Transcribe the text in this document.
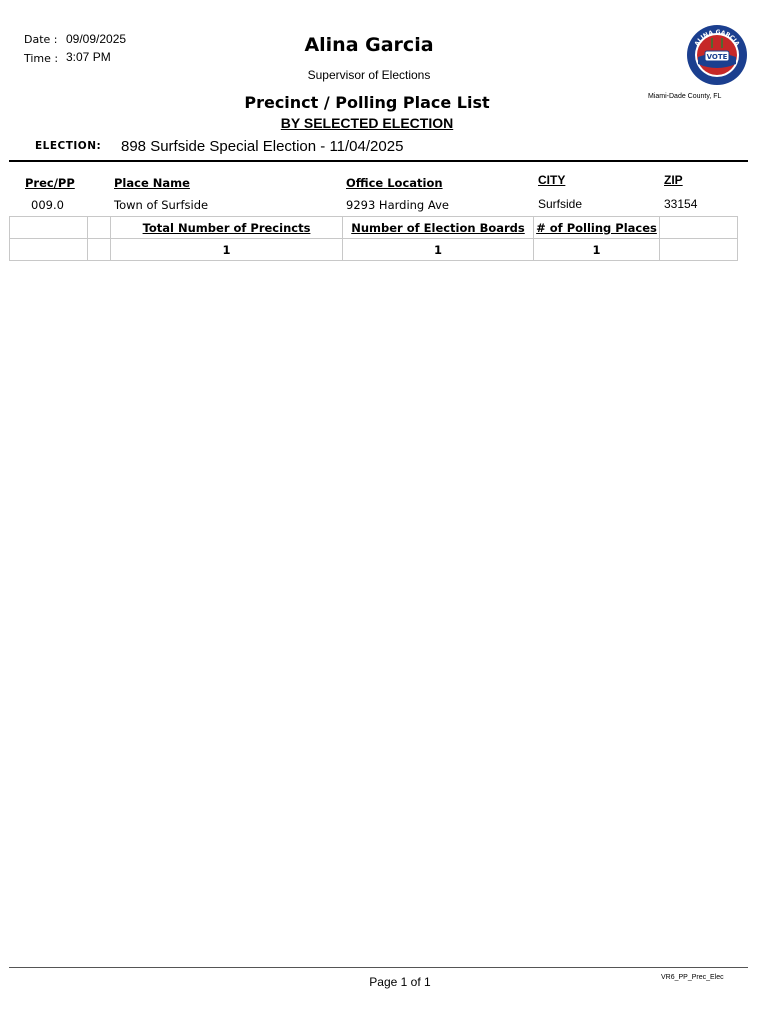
Date : 09/09/2025
Time : 3:07 PM
Alina Garcia
Supervisor of Elections
Precinct / Polling Place List
BY SELECTED ELECTION
VOTE
ALINA GARCIA
Miami-Dade County, FL
ELECTION: 898 Surfside Special Election - 11/04/2025
Prec/PP	Place Name	Office Location	CITY	ZIP
009.0	Town of Surfside	9293 Harding Ave	Surfside	33154
		Total Number of Precincts	Number of Election Boards	# of Polling Places	
		1	1	1	
Page 1 of 1	VR6_PP_Prec_Elec
